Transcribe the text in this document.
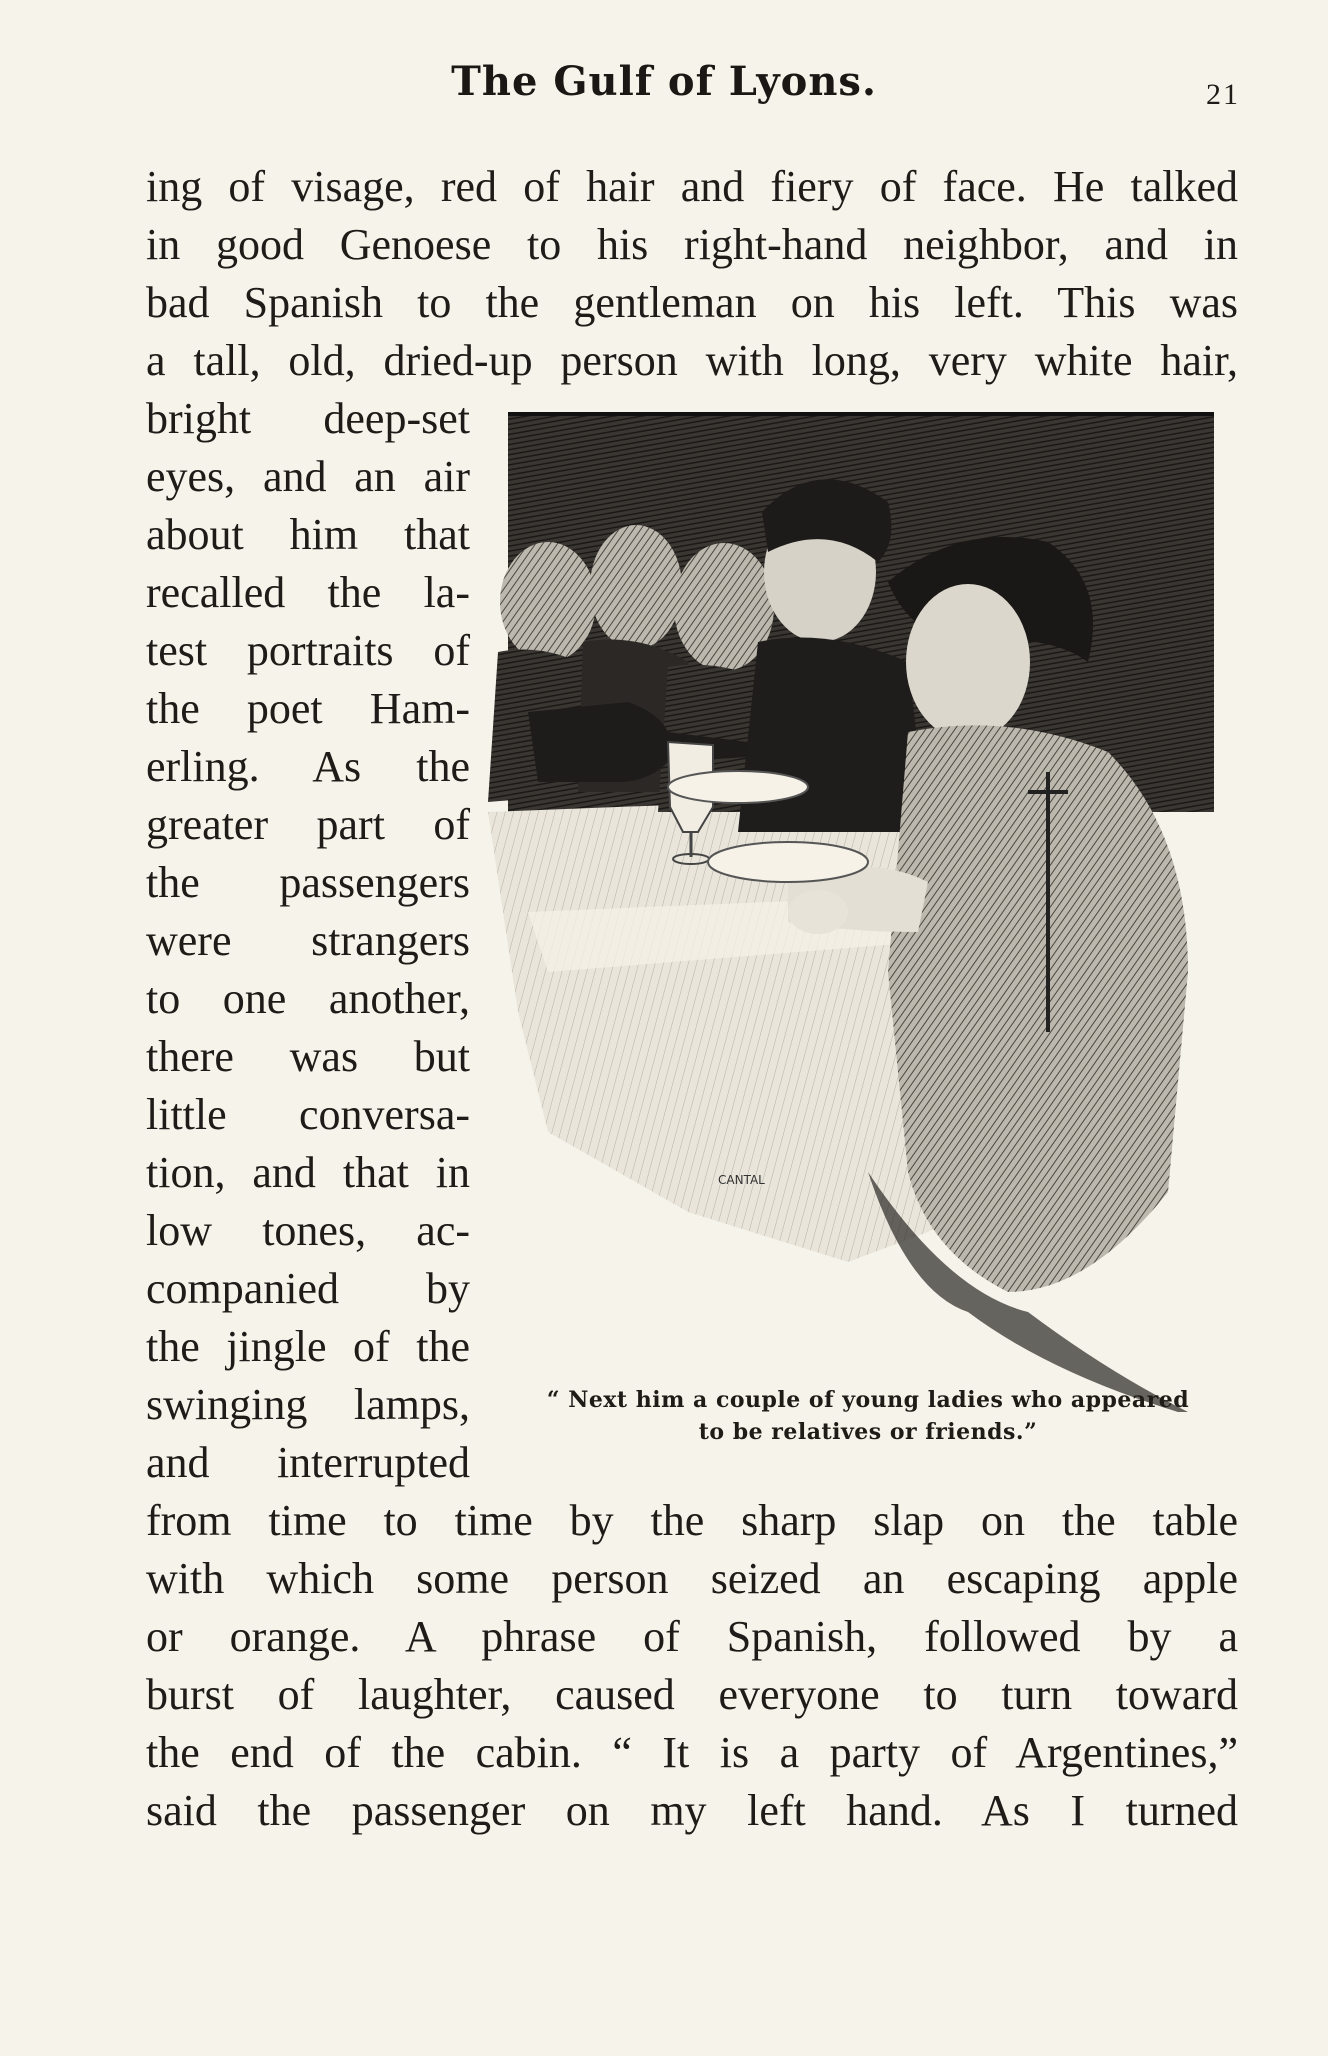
The Gulf of Lyons.	21
ing of visage, red of hair and fiery of face. He talked
in good Genoese to his right-hand neighbor, and in
bad Spanish to the gentleman on his left. This was
a tall, old, dried-up person with long, very white hair,
bright deep-set
eyes, and an air
about him that
recalled the la-
test portraits of
the poet Ham-
erling. As the
greater part of
the passengers
were strangers
to one another,
there was but
little conversa-
tion, and that in
low tones, ac-
companied by
the jingle of the
swinging lamps,
and interrupted
from time to time by the sharp slap on the table
with which some person seized an escaping apple
or orange. A phrase of Spanish, followed by a
burst of laughter, caused everyone to turn toward
the end of the cabin. “ It is a party of Argentines,”
said the passenger on my left hand. As I turned
CANTAL
“ Next him a couple of young ladies who appeared
to be relatives or friends.”
